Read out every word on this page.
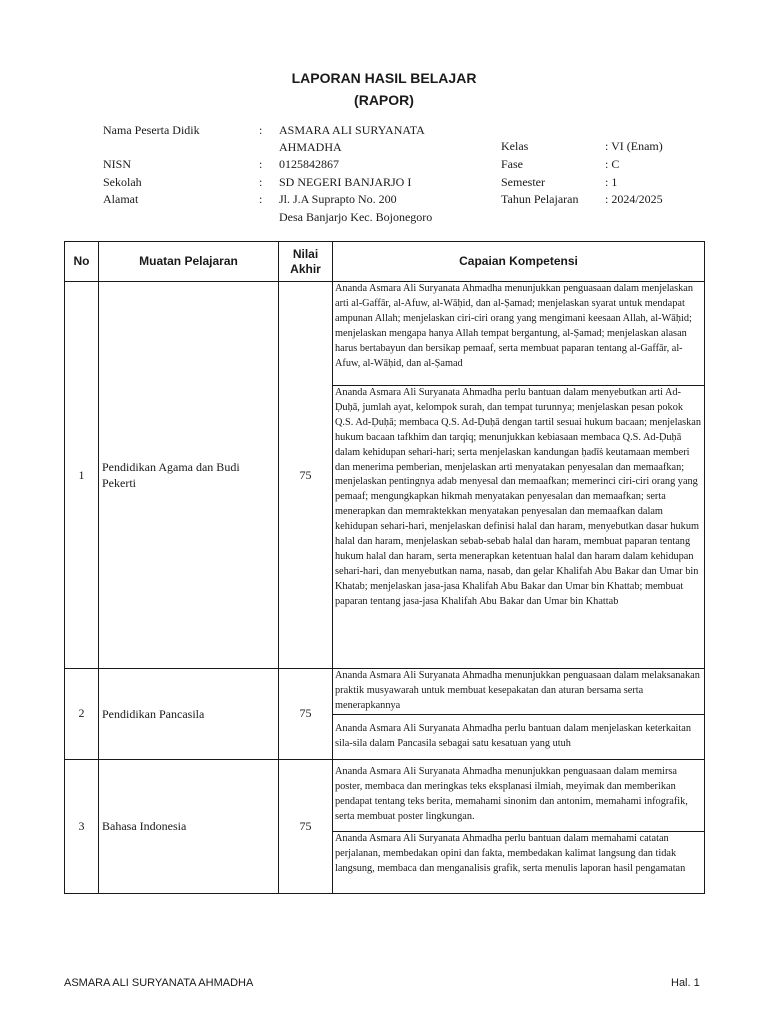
LAPORAN HASIL BELAJAR
(RAPOR)
Nama Peserta Didik	: ASMARA ALI SURYANATA
AHMADHA
NISN	: 0125842867
Sekolah	: SD NEGERI BANJARJO I
Alamat	: Jl. J.A Suprapto No. 200
Desa Banjarjo Kec. Bojonegoro
Kelas	: VI (Enam)
Fase	: C
Semester	: 1
Tahun Pelajaran : 2024/2025
No	Muatan Pelajaran	Nilai
Akhir	Capaian Kompetensi
1	Pendidikan Agama dan Budi Pekerti	75	Ananda Asmara Ali Suryanata Ahmadha menunjukkan penguasaan dalam menjelaskan arti al-Gaffār, al-Afuw, al-Wāḥid, dan al-Ṣamad; menjelaskan syarat untuk mendapat ampunan Allah; menjelaskan ciri-ciri orang yang mengimani keesaan Allah, al-Wāḥid; menjelaskan mengapa hanya Allah tempat bergantung, al-Ṣamad; menjelaskan alasan harus bertabayun dan bersikap pemaaf, serta membuat paparan tentang al-Gaffār, al-Afuw, al-Wāḥid, dan al-Ṣamad
			Ananda Asmara Ali Suryanata Ahmadha perlu bantuan dalam menyebutkan arti Ad-Ḍuḥā, jumlah ayat, kelompok surah, dan tempat turunnya; menjelaskan pesan pokok Q.S. Ad-Ḍuḥā; membaca Q.S. Ad-Ḍuḥā dengan tartil sesuai hukum bacaan; menjelaskan hukum bacaan tafkhim dan tarqiq; menunjukkan kebiasaan membaca Q.S. Ad-Ḍuḥā dalam kehidupan sehari-hari; serta menjelaskan kandungan ḥadīṡ keutamaan memberi dan menerima pemberian, menjelaskan arti menyatakan penyesalan dan memaafkan; menjelaskan pentingnya adab menyesal dan memaafkan; memerinci ciri-ciri orang yang pemaaf; mengungkapkan hikmah menyatakan penyesalan dan memaafkan; serta menerapkan dan memraktekkan menyatakan penyesalan dan memaafkan dalam kehidupan sehari-hari, menjelaskan definisi halal dan haram, menyebutkan dasar hukum halal dan haram, menjelaskan sebab-sebab halal dan haram, membuat paparan tentang hukum halal dan haram, serta menerapkan ketentuan halal dan haram dalam kehidupan sehari-hari, dan menyebutkan nama, nasab, dan gelar Khalifah Abu Bakar dan Umar bin Khatab; menjelaskan jasa-jasa Khalifah Abu Bakar dan Umar bin Khattab; membuat paparan tentang jasa-jasa Khalifah Abu Bakar dan Umar bin Khattab
2	Pendidikan Pancasila	75	Ananda Asmara Ali Suryanata Ahmadha menunjukkan penguasaan dalam melaksanakan praktik musyawarah untuk membuat kesepakatan dan aturan bersama serta menerapkannya
			Ananda Asmara Ali Suryanata Ahmadha perlu bantuan dalam menjelaskan keterkaitan sila-sila dalam Pancasila sebagai satu kesatuan yang utuh
3	Bahasa Indonesia	75	Ananda Asmara Ali Suryanata Ahmadha menunjukkan penguasaan dalam memirsa poster, membaca dan meringkas teks eksplanasi ilmiah, meyimak dan memberikan pendapat tentang teks berita, memahami sinonim dan antonim, memahami infografik, serta membuat poster lingkungan.
			Ananda Asmara Ali Suryanata Ahmadha perlu bantuan dalam memahami catatan perjalanan, membedakan opini dan fakta, membedakan kalimat langsung dan tidak langsung, membaca dan menganalisis grafik, serta menulis laporan hasil pengamatan
ASMARA ALI SURYANATA AHMADHA	Hal. 1
